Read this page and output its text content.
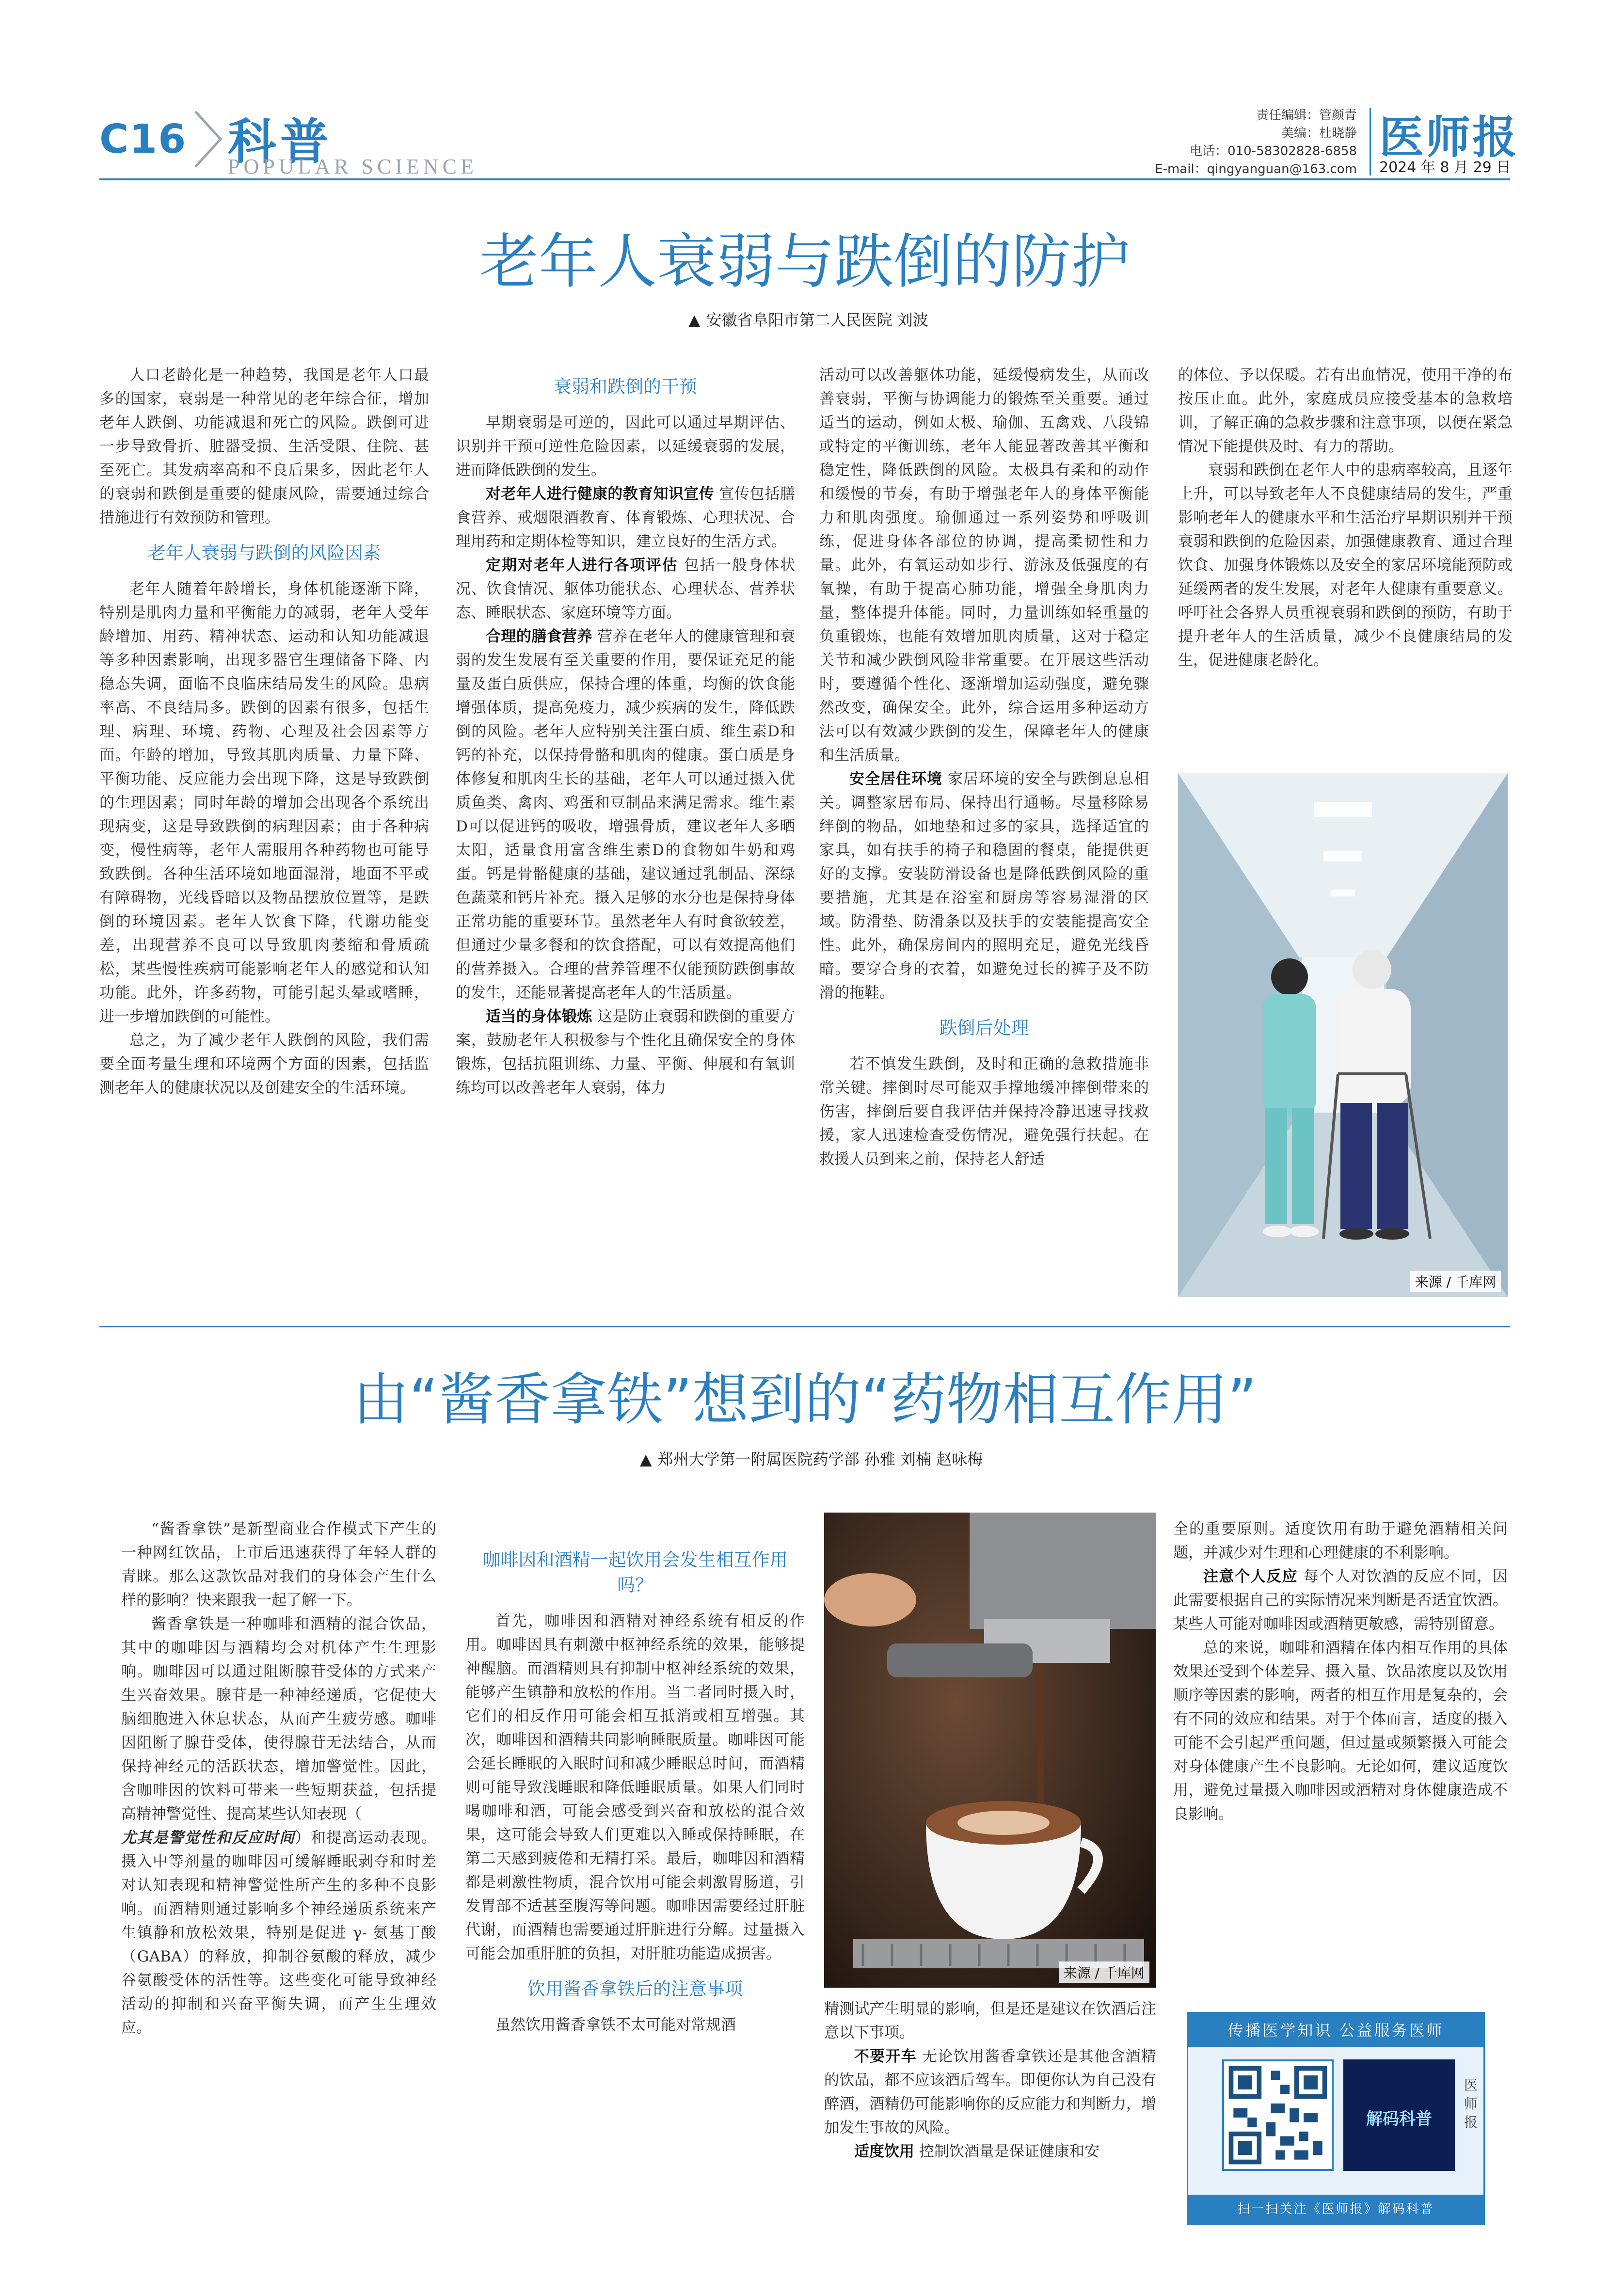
C16 科普
POPULAR SCIENCE
责任编辑：管颜青
美编：杜晓静
电话：010-58302828-6858
E-mail：qingyanguan@163.com
医师报
2024 年 8 月 29 日
老年人衰弱与跌倒的防护
▲ 安徽省阜阳市第二人民医院 刘波

人口老龄化是一种趋势，我国是老年人口最多的国家，衰弱是一种常见的老年综合征，增加老年人跌倒、功能减退和死亡的风险。跌倒可进一步导致骨折、脏器受损、生活受限、住院、甚至死亡。其发病率高和不良后果多，因此老年人的衰弱和跌倒是重要的健康风险，需要通过综合措施进行有效预防和管理。

老年人衰弱与跌倒的风险因素

老年人随着年龄增长，身体机能逐渐下降，特别是肌肉力量和平衡能力的减弱，老年人受年龄增加、用药、精神状态、运动和认知功能减退等多种因素影响，出现多器官生理储备下降、内稳态失调，面临不良临床结局发生的风险。患病率高、不良结局多。跌倒的因素有很多，包括生理、病理、环境、药物、心理及社会因素等方面。年龄的增加，导致其肌肉质量、力量下降、平衡功能、反应能力会出现下降，这是导致跌倒的生理因素；同时年龄的增加会出现各个系统出现病变，这是导致跌倒的病理因素；由于各种病变，慢性病等，老年人需服用各种药物也可能导致跌倒。各种生活环境如地面湿滑，地面不平或有障碍物，光线昏暗以及物品摆放位置等，是跌倒的环境因素。老年人饮食下降，代谢功能变差，出现营养不良可以导致肌肉萎缩和骨质疏松，某些慢性疾病可能影响老年人的感觉和认知功能。此外，许多药物，可能引起头晕或嗜睡，进一步增加跌倒的可能性。

总之，为了减少老年人跌倒的风险，我们需要全面考量生理和环境两个方面的因素，包括监测老年人的健康状况以及创建安全的生活环境。

衰弱和跌倒的干预

早期衰弱是可逆的，因此可以通过早期评估、识别并干预可逆性危险因素，以延缓衰弱的发展，进而降低跌倒的发生。

对老年人进行健康的教育知识宣传 宣传包括膳食营养、戒烟限酒教育、体育锻炼、心理状况、合理用药和定期体检等知识，建立良好的生活方式。

定期对老年人进行各项评估 包括一般身体状况、饮食情况、躯体功能状态、心理状态、营养状态、睡眠状态、家庭环境等方面。

合理的膳食营养 营养在老年人的健康管理和衰弱的发生发展有至关重要的作用，要保证充足的能量及蛋白质供应，保持合理的体重，均衡的饮食能增强体质，提高免疫力，减少疾病的发生，降低跌倒的风险。老年人应特别关注蛋白质、维生素D和钙的补充，以保持骨骼和肌肉的健康。蛋白质是身体修复和肌肉生长的基础，老年人可以通过摄入优质鱼类、禽肉、鸡蛋和豆制品来满足需求。维生素D可以促进钙的吸收，增强骨质，建议老年人多晒太阳，适量食用富含维生素D的食物如牛奶和鸡蛋。钙是骨骼健康的基础，建议通过乳制品、深绿色蔬菜和钙片补充。摄入足够的水分也是保持身体正常功能的重要环节。虽然老年人有时食欲较差，但通过少量多餐和的饮食搭配，可以有效提高他们的营养摄入。合理的营养管理不仅能预防跌倒事故的发生，还能显著提高老年人的生活质量。

适当的身体锻炼 这是防止衰弱和跌倒的重要方案，鼓励老年人积极参与个性化且确保安全的身体锻炼，包括抗阻训练、力量、平衡、伸展和有氧训练均可以改善老年人衰弱，体力

活动可以改善躯体功能，延缓慢病发生，从而改善衰弱，平衡与协调能力的锻炼至关重要。通过适当的运动，例如太极、瑜伽、五禽戏、八段锦或特定的平衡训练，老年人能显著改善其平衡和稳定性，降低跌倒的风险。太极具有柔和的动作和缓慢的节奏，有助于增强老年人的身体平衡能力和肌肉强度。瑜伽通过一系列姿势和呼吸训练，促进身体各部位的协调，提高柔韧性和力量。此外，有氧运动如步行、游泳及低强度的有氧操，有助于提高心肺功能，增强全身肌肉力量，整体提升体能。同时，力量训练如轻重量的负重锻炼，也能有效增加肌肉质量，这对于稳定关节和减少跌倒风险非常重要。在开展这些活动时，要遵循个性化、逐渐增加运动强度，避免骤然改变，确保安全。此外，综合运用多种运动方法可以有效减少跌倒的发生，保障老年人的健康和生活质量。

安全居住环境 家居环境的安全与跌倒息息相关。调整家居布局、保持出行通畅。尽量移除易绊倒的物品，如地垫和过多的家具，选择适宜的家具，如有扶手的椅子和稳固的餐桌，能提供更好的支撑。安装防滑设备也是降低跌倒风险的重要措施，尤其是在浴室和厨房等容易湿滑的区域。防滑垫、防滑条以及扶手的安装能提高安全性。此外，确保房间内的照明充足，避免光线昏暗。要穿合身的衣着，如避免过长的裤子及不防滑的拖鞋。

跌倒后处理

若不慎发生跌倒，及时和正确的急救措施非常关键。摔倒时尽可能双手撑地缓冲摔倒带来的伤害，摔倒后要自我评估并保持冷静迅速寻找救援，家人迅速检查受伤情况，避免强行扶起。在救援人员到来之前，保持老人舒适

的体位、予以保暖。若有出血情况，使用干净的布按压止血。此外，家庭成员应接受基本的急救培训，了解正确的急救步骤和注意事项，以便在紧急情况下能提供及时、有力的帮助。

衰弱和跌倒在老年人中的患病率较高，且逐年上升，可以导致老年人不良健康结局的发生，严重影响老年人的健康水平和生活治疗早期识别并干预衰弱和跌倒的危险因素，加强健康教育、通过合理饮食、加强身体锻炼以及安全的家居环境能预防或延缓两者的发生发展，对老年人健康有重要意义。呼吁社会各界人员重视衰弱和跌倒的预防，有助于提升老年人的生活质量，减少不良健康结局的发生，促进健康老龄化。

来源 / 千库网
由“酱香拿铁”想到的“药物相互作用”
▲ 郑州大学第一附属医院药学部 孙雅 刘楠 赵咏梅

“酱香拿铁”是新型商业合作模式下产生的一种网红饮品，上市后迅速获得了年轻人群的青睐。那么这款饮品对我们的身体会产生什么样的影响？快来跟我一起了解一下。

酱香拿铁是一种咖啡和酒精的混合饮品，其中的咖啡因与酒精均会对机体产生生理影响。咖啡因可以通过阻断腺苷受体的方式来产生兴奋效果。腺苷是一种神经递质，它促使大脑细胞进入休息状态，从而产生疲劳感。咖啡因阻断了腺苷受体，使得腺苷无法结合，从而保持神经元的活跃状态，增加警觉性。因此，含咖啡因的饮料可带来一些短期获益，包括提高精神警觉性、提高某些认知表现（

尤其是警觉性和反应时间）和提高运动表现。摄入中等剂量的咖啡因可缓解睡眠剥夺和时差对认知表现和精神警觉性所产生的多种不良影响。而酒精则通过影响多个神经递质系统来产生镇静和放松效果，特别是促进 γ- 氨基丁酸（GABA）的释放，抑制谷氨酸的释放，减少谷氨酸受体的活性等。这些变化可能导致神经活动的抑制和兴奋平衡失调，而产生生理效应。

咖啡因和酒精一起饮用会发生相互作用吗？

首先，咖啡因和酒精对神经系统有相反的作用。咖啡因具有刺激中枢神经系统的效果，能够提神醒脑。而酒精则具有抑制中枢神经系统的效果，能够产生镇静和放松的作用。当二者同时摄入时，它们的相反作用可能会相互抵消或相互增强。其次，咖啡因和酒精共同影响睡眠质量。咖啡因可能会延长睡眠的入眠时间和减少睡眠总时间，而酒精则可能导致浅睡眠和降低睡眠质量。如果人们同时喝咖啡和酒，可能会感受到兴奋和放松的混合效果，这可能会导致人们更难以入睡或保持睡眠，在第二天感到疲倦和无精打采。最后，咖啡因和酒精都是刺激性物质，混合饮用可能会刺激胃肠道，引发胃部不适甚至腹泻等问题。咖啡因需要经过肝脏代谢，而酒精也需要通过肝脏进行分解。过量摄入可能会加重肝脏的负担，对肝脏功能造成损害。

饮用酱香拿铁后的注意事项

虽然饮用酱香拿铁不太可能对常规酒

来源 / 千库网

精测试产生明显的影响，但是还是建议在饮酒后注意以下事项。

不要开车 无论饮用酱香拿铁还是其他含酒精的饮品，都不应该酒后驾车。即便你认为自己没有醉酒，酒精仍可能影响你的反应能力和判断力，增加发生事故的风险。

适度饮用 控制饮酒量是保证健康和安

全的重要原则。适度饮用有助于避免酒精相关问题，并减少对生理和心理健康的不利影响。

注意个人反应 每个人对饮酒的反应不同，因此需要根据自己的实际情况来判断是否适宜饮酒。某些人可能对咖啡因或酒精更敏感，需特别留意。

总的来说，咖啡和酒精在体内相互作用的具体效果还受到个体差异、摄入量、饮品浓度以及饮用顺序等因素的影响，两者的相互作用是复杂的，会有不同的效应和结果。对于个体而言，适度的摄入可能不会引起严重问题，但过量或频繁摄入可能会对身体健康产生不良影响。无论如何，建议适度饮用，避免过量摄入咖啡因或酒精对身体健康造成不良影响。

传播医学知识 公益服务医师
解码科普
医师报
扫一扫关注《医师报》解码科普
